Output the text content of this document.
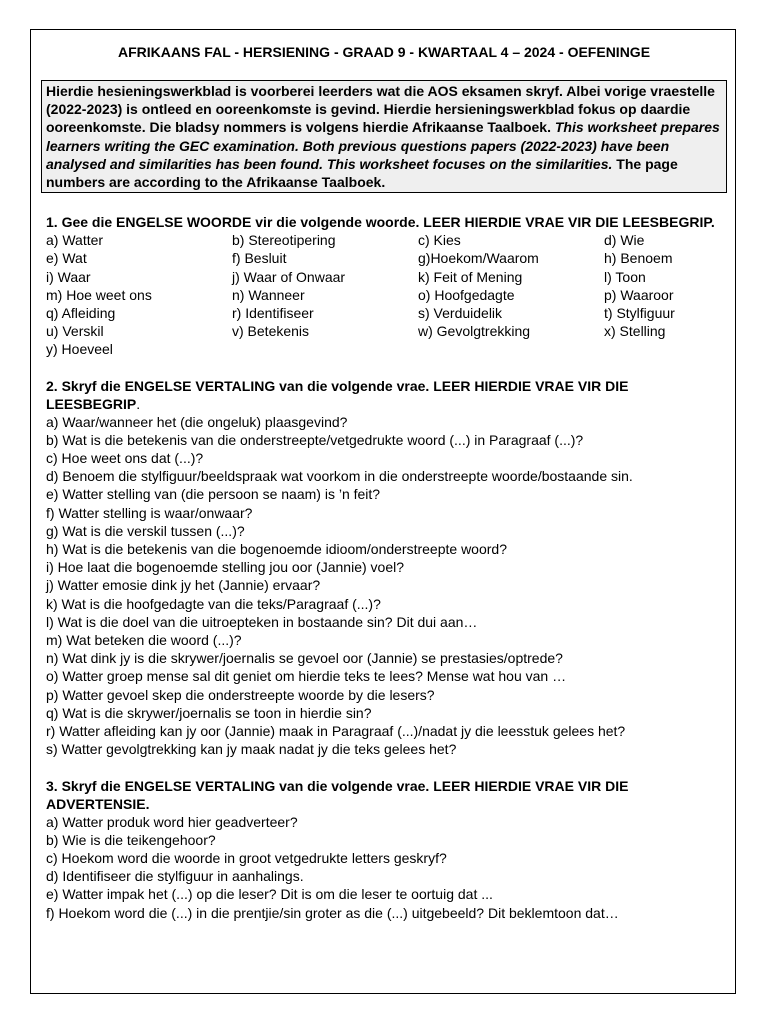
AFRIKAANS FAL - HERSIENING - GRAAD 9 - KWARTAAL 4 – 2024 - OEFENINGE
Hierdie hesieningswerkblad is voorberei leerders wat die AOS eksamen skryf. Albei vorige vraestelle (2022-2023) is ontleed en ooreenkomste is gevind. Hierdie hersieningswerkblad fokus op daardie ooreenkomste. Die bladsy nommers is volgens hierdie Afrikaanse Taalboek. This worksheet prepares learners writing the GEC examination. Both previous questions papers (2022-2023) have been analysed and similarities has been found. This worksheet focuses on the similarities. The page numbers are according to the Afrikaanse Taalboek.
1. Gee die ENGELSE WOORDE vir die volgende woorde. LEER HIERDIE VRAE VIR DIE LEESBEGRIP.
a) Watter	b) Stereotipering	c) Kies	d) Wie
e) Wat	f) Besluit	g)Hoekom/Waarom	h) Benoem
i) Waar	j) Waar of Onwaar	k) Feit of Mening	l) Toon
m) Hoe weet ons	n) Wanneer	o) Hoofgedagte	p) Waaroor
q) Afleiding	r) Identifiseer	s) Verduidelik	t) Stylfiguur
u) Verskil	v) Betekenis	w) Gevolgtrekking	x) Stelling
y) Hoeveel
2. Skryf die ENGELSE VERTALING van die volgende vrae. LEER HIERDIE VRAE VIR DIE LEESBEGRIP.
a) Waar/wanneer het (die ongeluk) plaasgevind?
b) Wat is die betekenis van die onderstreepte/vetgedrukte woord (...) in Paragraaf (...)?
c) Hoe weet ons dat (...)?
d) Benoem die stylfiguur/beeldspraak wat voorkom in die onderstreepte woorde/bostaande sin.
e) Watter stelling van (die persoon se naam) is ’n feit?
f) Watter stelling is waar/onwaar?
g) Wat is die verskil tussen (...)?
h) Wat is die betekenis van die bogenoemde idioom/onderstreepte woord?
i) Hoe laat die bogenoemde stelling jou oor (Jannie) voel?
j) Watter emosie dink jy het (Jannie) ervaar?
k) Wat is die hoofgedagte van die teks/Paragraaf (...)?
l) Wat is die doel van die uitroepteken in bostaande sin? Dit dui aan…
m) Wat beteken die woord (...)?
n) Wat dink jy is die skrywer/joernalis se gevoel oor (Jannie) se prestasies/optrede?
o) Watter groep mense sal dit geniet om hierdie teks te lees? Mense wat hou van …
p) Watter gevoel skep die onderstreepte woorde by die lesers?
q) Wat is die skrywer/joernalis se toon in hierdie sin?
r) Watter afleiding kan jy oor (Jannie) maak in Paragraaf (...)/nadat jy die leesstuk gelees het?
s) Watter gevolgtrekking kan jy maak nadat jy die teks gelees het?
3. Skryf die ENGELSE VERTALING van die volgende vrae. LEER HIERDIE VRAE VIR DIE ADVERTENSIE.
a) Watter produk word hier geadverteer?
b) Wie is die teikengehoor?
c) Hoekom word die woorde in groot vetgedrukte letters geskryf?
d) Identifiseer die stylfiguur in aanhalings.
e) Watter impak het (...) op die leser? Dit is om die leser te oortuig dat ...
f) Hoekom word die (...) in die prentjie/sin groter as die (...) uitgebeeld? Dit beklemtoon dat…
